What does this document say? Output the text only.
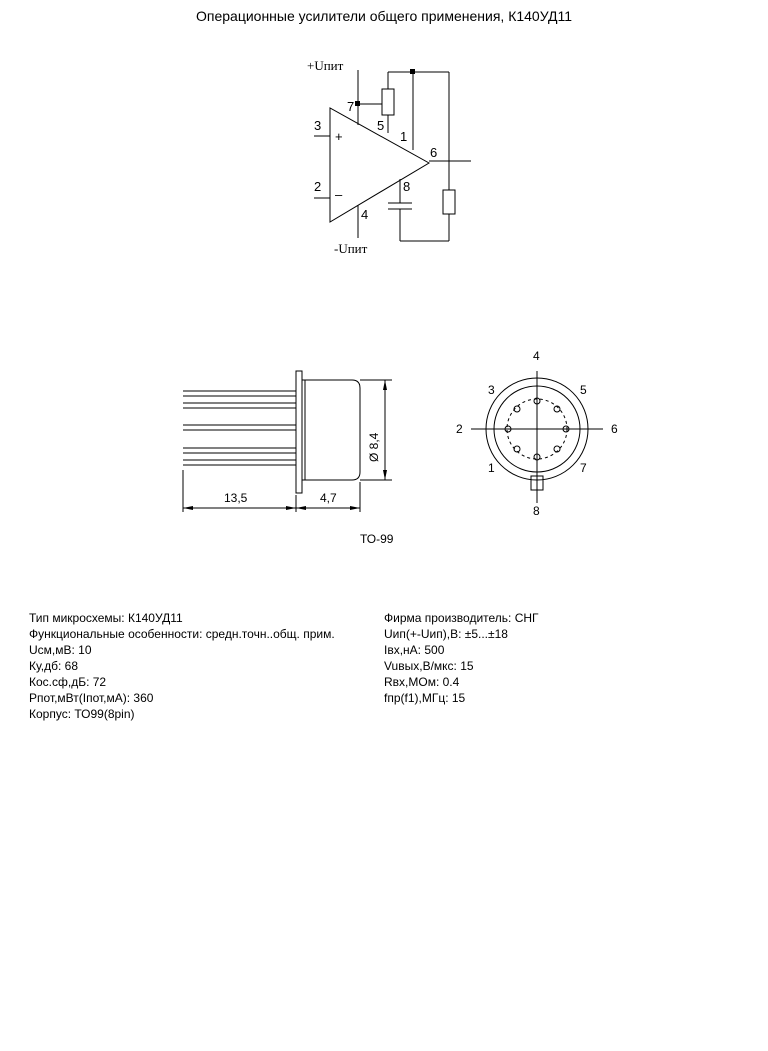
Операционные усилители общего применения, К140УД11
+Uпит
-Uпит
3
2
7
5
1
6
8
4
+
–
13,5	4,7
Ø 8,4
ТО-99
4
3	5
2	6
1	7
8
Тип микросхемы: К140УД11
Функциональные особенности: средн.точн..общ. прим.
Uсм,мВ: 10
Ку,дб: 68
Кос.сф,дБ: 72
Pпот,мВт(Iпот,мА): 360
Корпус: ТО99(8pin)
Фирма производитель: СНГ
Uип(+-Uип),В: ±5...±18
Iвх,нА: 500
Vuвых,В/мкс: 15
Rвх,МОм: 0.4
fпр(f1),МГц: 15
